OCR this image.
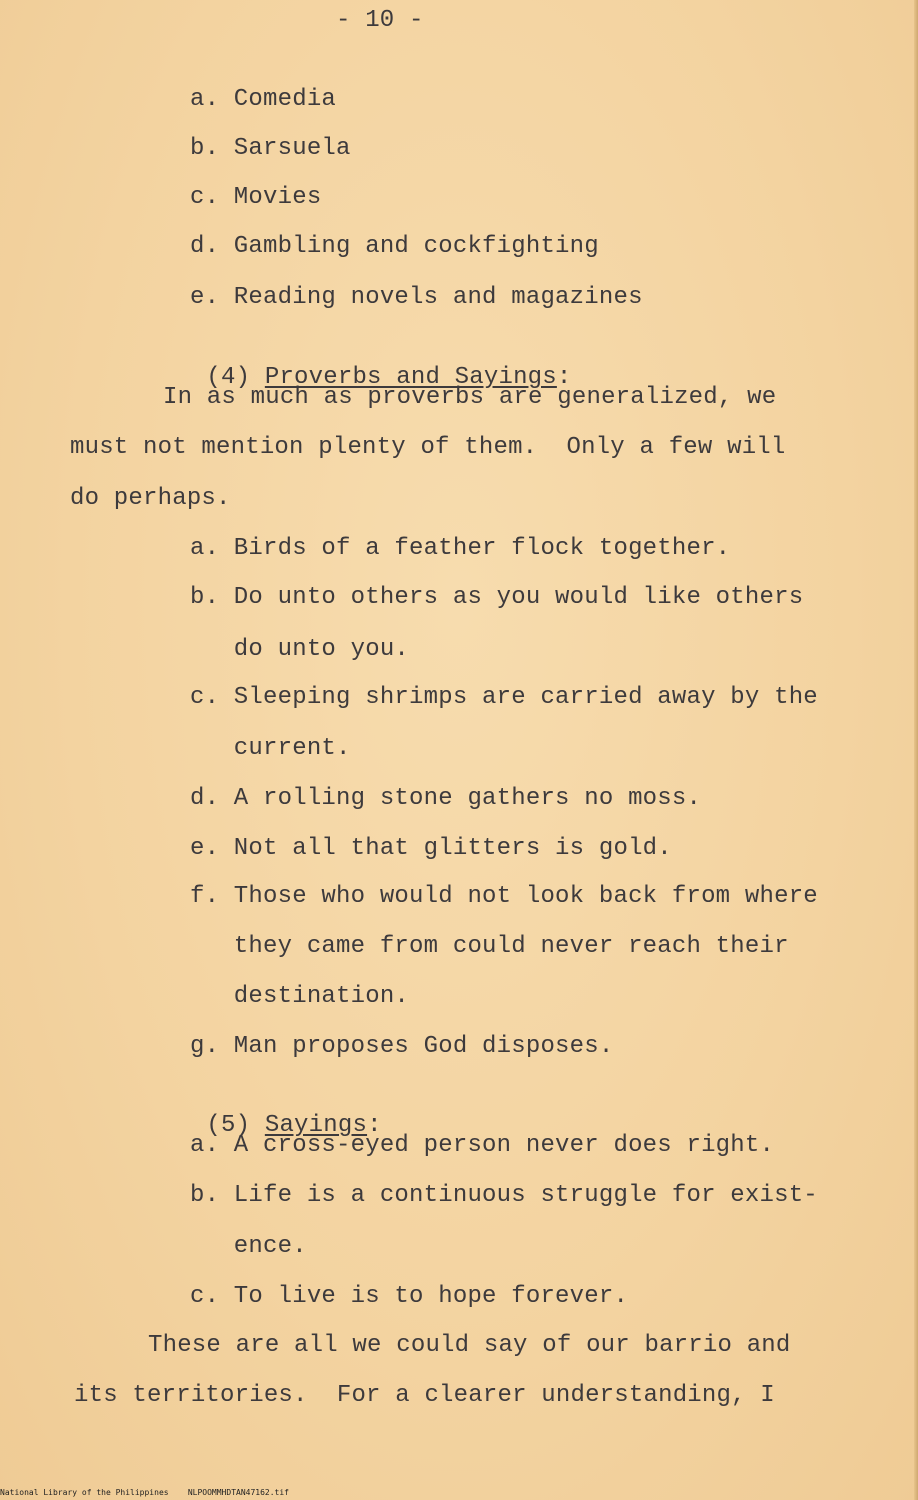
- 10 -
a. Comedia
b. Sarsuela
c. Movies
d. Gambling and cockfighting
e. Reading novels and magazines

(4) Proverbs and Sayings:

In as much as proverbs are generalized, we
must not mention plenty of them.  Only a few will
do perhaps.
a. Birds of a feather flock together.
b. Do unto others as you would like others
do unto you.
c. Sleeping shrimps are carried away by the
current.
d. A rolling stone gathers no moss.
e. Not all that glitters is gold.
f. Those who would not look back from where
they came from could never reach their
destination.
g. Man proposes God disposes.

(5) Sayings:

a. A cross-eyed person never does right.
b. Life is a continuous struggle for exist-
ence.
c. To live is to hope forever.
These are all we could say of our barrio and
its territories.  For a clearer understanding, I
National Library of the Philippines    NLPOOMMHDTAN47162.tif
